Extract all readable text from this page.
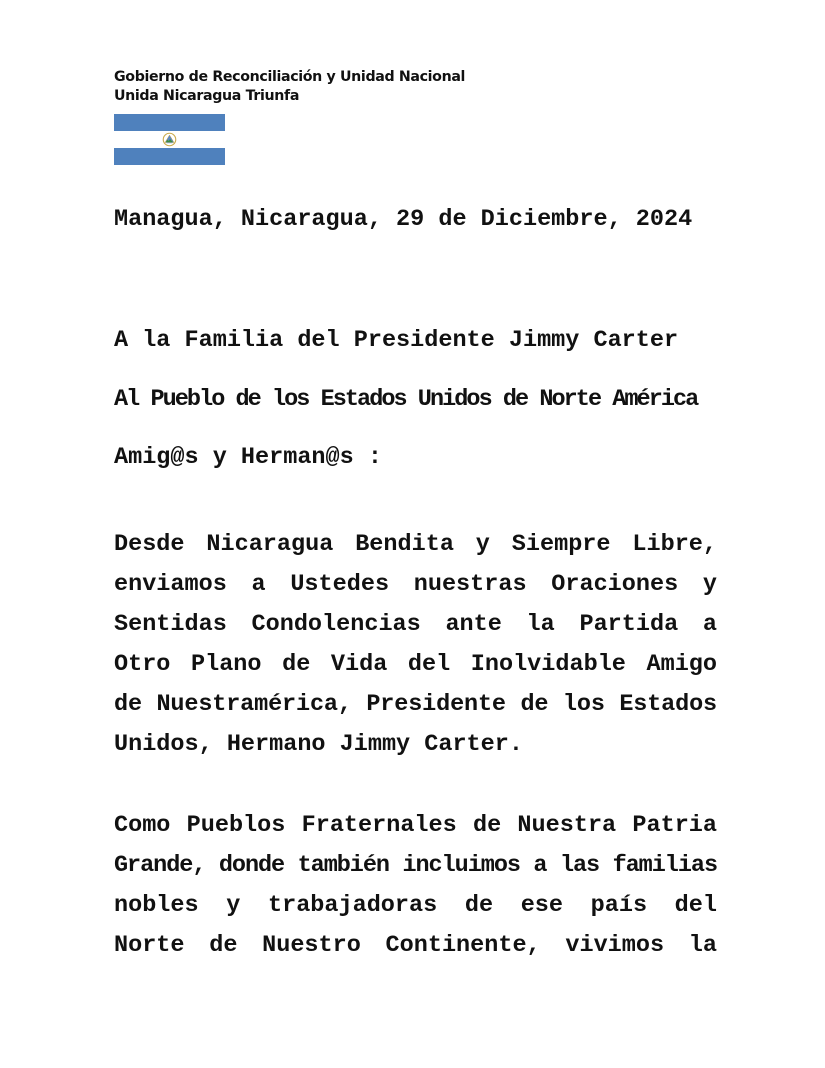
Gobierno de Reconciliación y Unidad Nacional
Unida Nicaragua Triunfa
Managua, Nicaragua, 29 de Diciembre, 2024
A la Familia del Presidente Jimmy Carter
Al Pueblo de los Estados Unidos de Norte América
Amig@s y Herman@s :
Desde Nicaragua Bendita y Siempre Libre,
enviamos a Ustedes nuestras Oraciones y
Sentidas Condolencias ante la Partida a
Otro Plano de Vida del Inolvidable Amigo
de Nuestramérica, Presidente de los Estados
Unidos, Hermano Jimmy Carter.
Como Pueblos Fraternales de Nuestra Patria
Grande, donde también incluimos a las familias
nobles y trabajadoras de ese país del
Norte de Nuestro Continente, vivimos la
